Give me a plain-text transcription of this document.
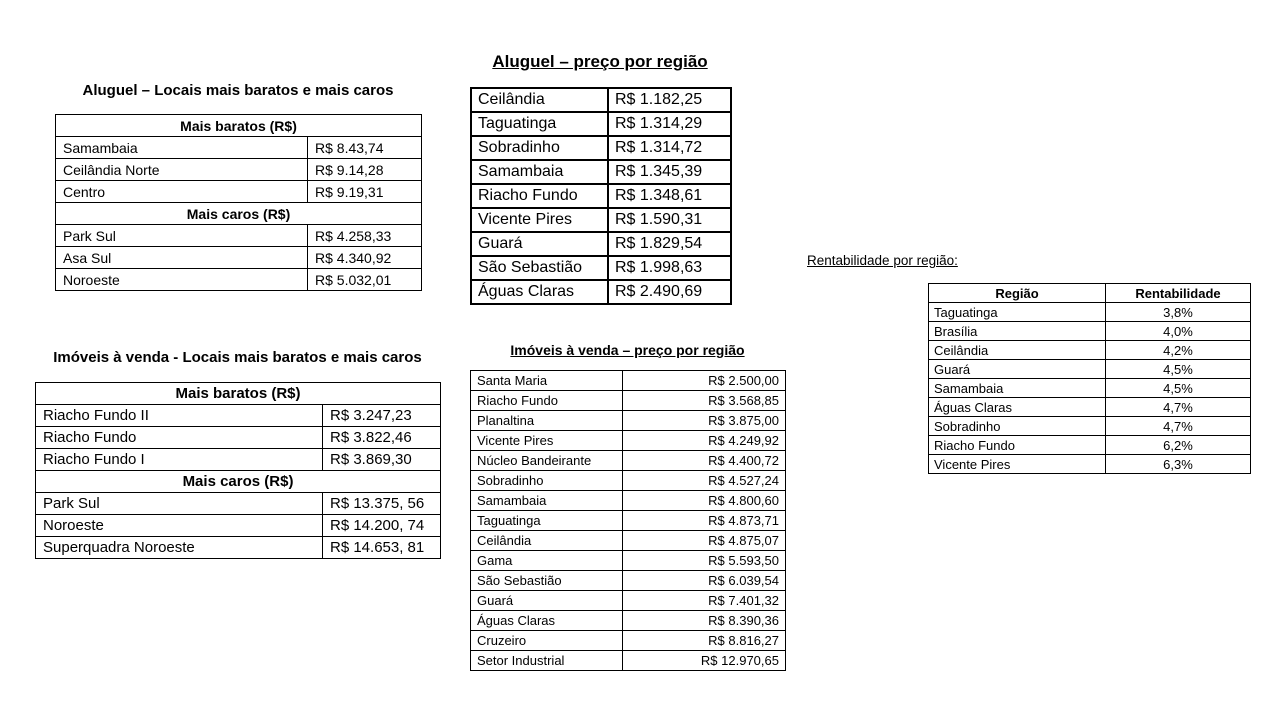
Aluguel – Locais mais baratos e mais caros
Mais baratos (R$)	
Samambaia	R$ 8.43,74
Ceilândia Norte	R$ 9.14,28
Centro	R$ 9.19,31
Mais caros (R$)	
Park Sul	R$ 4.258,33
Asa Sul	R$ 4.340,92
Noroeste	R$ 5.032,01
Aluguel – preço por região
Ceilândia	R$ 1.182,25
Taguatinga	R$ 1.314,29
Sobradinho	R$ 1.314,72
Samambaia	R$ 1.345,39
Riacho Fundo	R$ 1.348,61
Vicente Pires	R$ 1.590,31
Guará	R$ 1.829,54
São Sebastião	R$ 1.998,63
Águas Claras	R$ 2.490,69
Imóveis à venda - Locais mais baratos e mais caros
Mais baratos (R$)	
Riacho Fundo II	R$ 3.247,23
Riacho Fundo	R$ 3.822,46
Riacho Fundo I	R$ 3.869,30
Mais caros (R$)	
Park Sul	R$ 13.375, 56
Noroeste	R$ 14.200, 74
Superquadra Noroeste	R$ 14.653, 81
Imóveis à venda – preço por região
Santa Maria	R$ 2.500,00
Riacho Fundo	R$ 3.568,85
Planaltina	R$ 3.875,00
Vicente Pires	R$ 4.249,92
Núcleo Bandeirante	R$ 4.400,72
Sobradinho	R$ 4.527,24
Samambaia	R$ 4.800,60
Taguatinga	R$ 4.873,71
Ceilândia	R$ 4.875,07
Gama	R$ 5.593,50
São Sebastião	R$ 6.039,54
Guará	R$ 7.401,32
Águas Claras	R$ 8.390,36
Cruzeiro	R$ 8.816,27
Setor Industrial	R$ 12.970,65
Rentabilidade por região:
Região	Rentabilidade
Taguatinga	3,8%
Brasília	4,0%
Ceilândia	4,2%
Guará	4,5%
Samambaia	4,5%
Águas Claras	4,7%
Sobradinho	4,7%
Riacho Fundo	6,2%
Vicente Pires	6,3%
